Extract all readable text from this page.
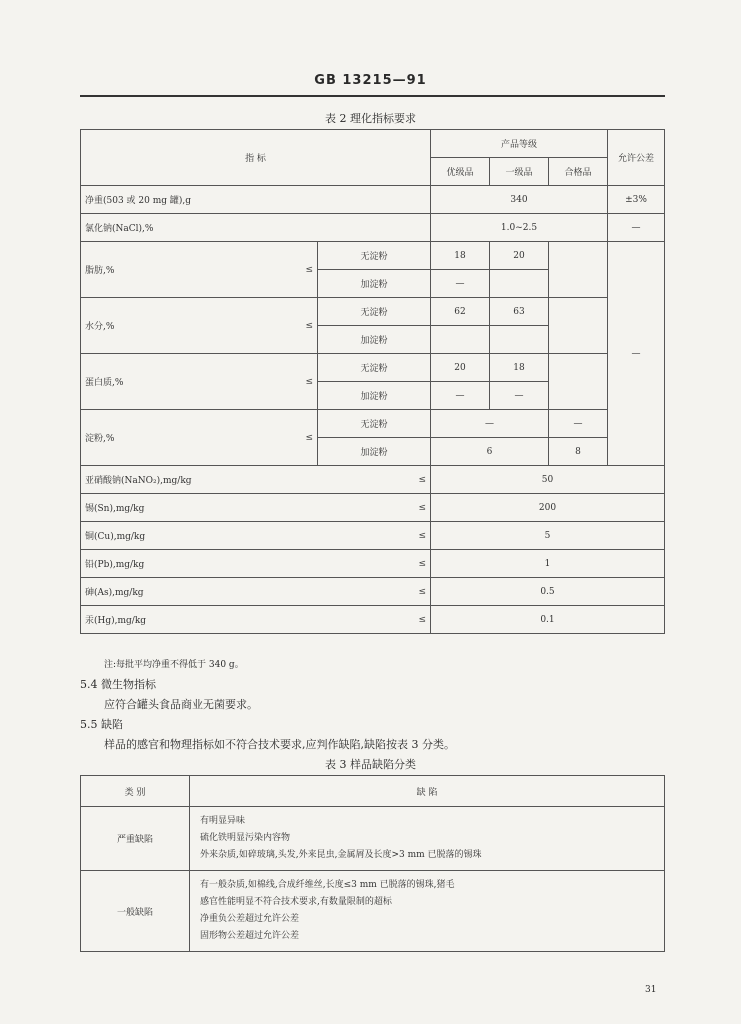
GB 13215—91
表 2 理化指标要求
指 标			产品等级			允许公差
			优级品	一级品	合格品	
净重(503 或 20 mg 罐),g			340			±3%
氯化钠(NaCl),%			1.0~2.5			—
脂肪,%	≤	无淀粉	18	20		—
		加淀粉	—			
水分,%	≤	无淀粉	62	63		
		加淀粉				
蛋白质,%	≤	无淀粉	20	18		
		加淀粉	—	—		
淀粉,%	≤	无淀粉	—		—	
		加淀粉	6		8	
亚硝酸钠(NaNO₂),mg/kg		≤	50			
锡(Sn),mg/kg		≤	200			
铜(Cu),mg/kg		≤	5			
铅(Pb),mg/kg		≤	1			
砷(As),mg/kg		≤	0.5			
汞(Hg),mg/kg		≤	0.1			
注:每批平均净重不得低于 340 g。
5.4 微生物指标
应符合罐头食品商业无菌要求。
5.5 缺陷
样品的感官和物理指标如不符合技术要求,应判作缺陷,缺陷按表 3 分类。
表 3 样品缺陷分类
类 别	缺 陷
严重缺陷	有明显异味
硫化铁明显污染内容物
外来杂质,如碎玻璃,头发,外来昆虫,金属屑及长度>3 mm 已脱落的锡珠

一般缺陷	有一般杂质,如棉线,合成纤维丝,长度≤3 mm 已脱落的锡珠,猪毛
感官性能明显不符合技术要求,有数量限制的超标
净重负公差超过允许公差
固形物公差超过允许公差
31
